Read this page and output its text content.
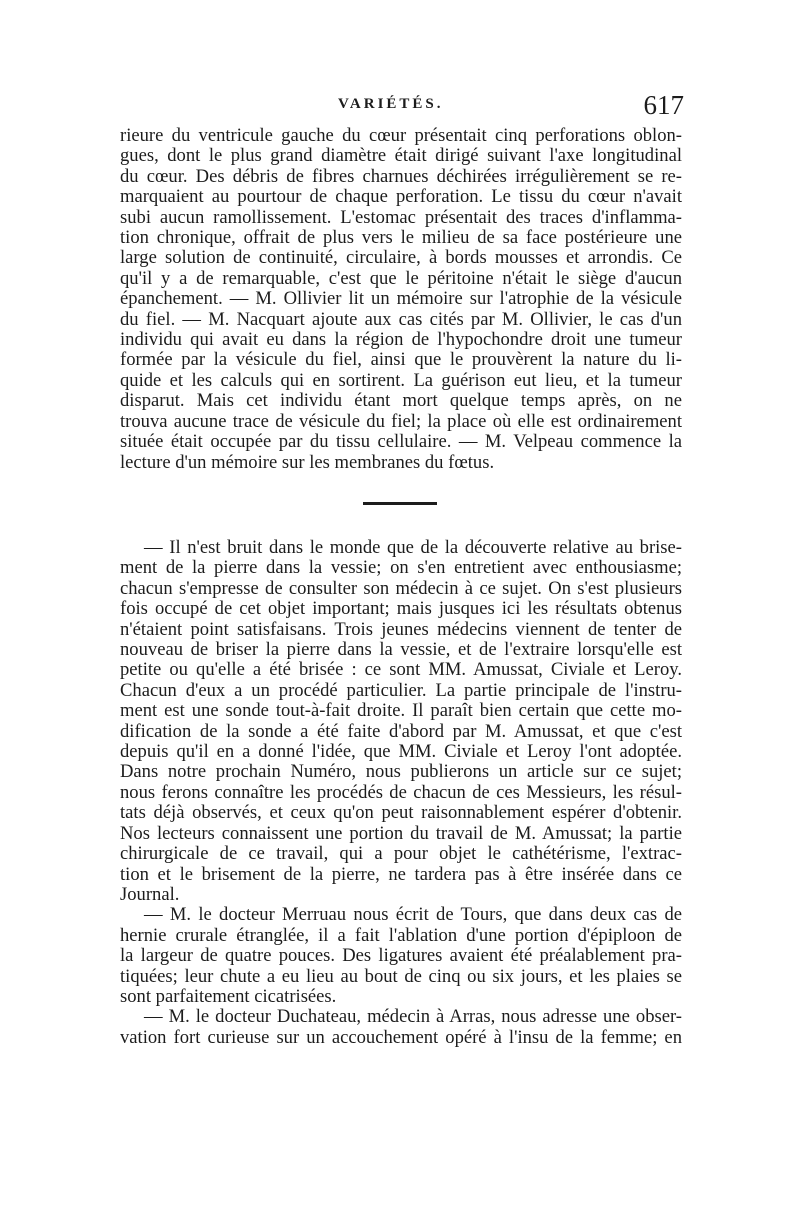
VARIÉTÉS.	617

rieure du ventricule gauche du cœur présentait cinq perforations oblon-

gues, dont le plus grand diamètre était dirigé suivant l'axe longitudinal

du cœur. Des débris de fibres charnues déchirées irrégulièrement se re-

marquaient au pourtour de chaque perforation. Le tissu du cœur n'avait

subi aucun ramollissement. L'estomac présentait des traces d'inflamma-

tion chronique, offrait de plus vers le milieu de sa face postérieure une

large solution de continuité, circulaire, à bords mousses et arrondis. Ce

qu'il y a de remarquable, c'est que le péritoine n'était le siège d'aucun

épanchement. — M. Ollivier lit un mémoire sur l'atrophie de la vésicule

du fiel. — M. Nacquart ajoute aux cas cités par M. Ollivier, le cas d'un

individu qui avait eu dans la région de l'hypochondre droit une tumeur

formée par la vésicule du fiel, ainsi que le prouvèrent la nature du li-

quide et les calculs qui en sortirent. La guérison eut lieu, et la tumeur

disparut. Mais cet individu étant mort quelque temps après, on ne

trouva aucune trace de vésicule du fiel; la place où elle est ordinairement

située était occupée par du tissu cellulaire. — M. Velpeau commence la

lecture d'un mémoire sur les membranes du fœtus.

— Il n'est bruit dans le monde que de la découverte relative au brise-

ment de la pierre dans la vessie; on s'en entretient avec enthousiasme;

chacun s'empresse de consulter son médecin à ce sujet. On s'est plusieurs

fois occupé de cet objet important; mais jusques ici les résultats obtenus

n'étaient point satisfaisans. Trois jeunes médecins viennent de tenter de

nouveau de briser la pierre dans la vessie, et de l'extraire lorsqu'elle est

petite ou qu'elle a été brisée : ce sont MM. Amussat, Civiale et Leroy.

Chacun d'eux a un procédé particulier. La partie principale de l'instru-

ment est une sonde tout-à-fait droite. Il paraît bien certain que cette mo-

dification de la sonde a été faite d'abord par M. Amussat, et que c'est

depuis qu'il en a donné l'idée, que MM. Civiale et Leroy l'ont adoptée.

Dans notre prochain Numéro, nous publierons un article sur ce sujet;

nous ferons connaître les procédés de chacun de ces Messieurs, les résul-

tats déjà observés, et ceux qu'on peut raisonnablement espérer d'obtenir.

Nos lecteurs connaissent une portion du travail de M. Amussat; la partie

chirurgicale de ce travail, qui a pour objet le cathétérisme, l'extrac-

tion et le brisement de la pierre, ne tardera pas à être insérée dans ce

Journal.

— M. le docteur Merruau nous écrit de Tours, que dans deux cas de

hernie crurale étranglée, il a fait l'ablation d'une portion d'épiploon de

la largeur de quatre pouces. Des ligatures avaient été préalablement pra-

tiquées; leur chute a eu lieu au bout de cinq ou six jours, et les plaies se

sont parfaitement cicatrisées.

— M. le docteur Duchateau, médecin à Arras, nous adresse une obser-

vation fort curieuse sur un accouchement opéré à l'insu de la femme; en
